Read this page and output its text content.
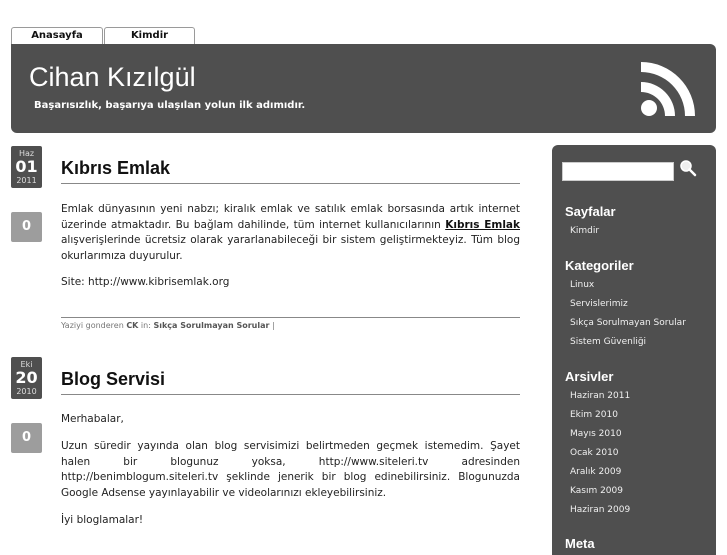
Anasayfa	Kimdir
Cihan Kızılgül
Başarısızlık, başarıya ulaşılan yolun ilk adımıdır.
Haz
01
2011
0
Kıbrıs Emlak
Emlak dünyasının yeni nabzı; kiralık emlak ve satılık emlak borsasında artık internet üzerinde atmaktadır. Bu bağlam dahilinde, tüm internet kullanıcılarının Kıbrıs Emlak alışverişlerinde ücretsiz olarak yararlanabileceği bir sistem geliştirmekteyiz. Tüm blog okurlarımıza duyurulur.
Site: http://www.kibrisemlak.org
Yaziyi gonderen CK in: Sıkça Sorulmayan Sorular |
Eki
20
2010
0
Blog Servisi
Merhabalar,
Uzun süredir yayında olan blog servisimizi belirtmeden geçmek istemedim. Şayet halen bir blogunuz yoksa, http://www.siteleri.tv adresinden http://benimblogum.siteleri.tv şeklinde jenerik bir blog edinebilirsiniz. Blogunuzda Google Adsense yayınlayabilir ve videolarınızı ekleyebilirsiniz.
İyi bloglamalar!
Sayfalar
Kimdir
Kategoriler
Linux
Servislerimiz
Sıkça Sorulmayan Sorular
Sistem Güvenliği
Arsivler
Haziran 2011
Ekim 2010
Mayıs 2010
Ocak 2010
Aralık 2009
Kasım 2009
Haziran 2009
Meta
